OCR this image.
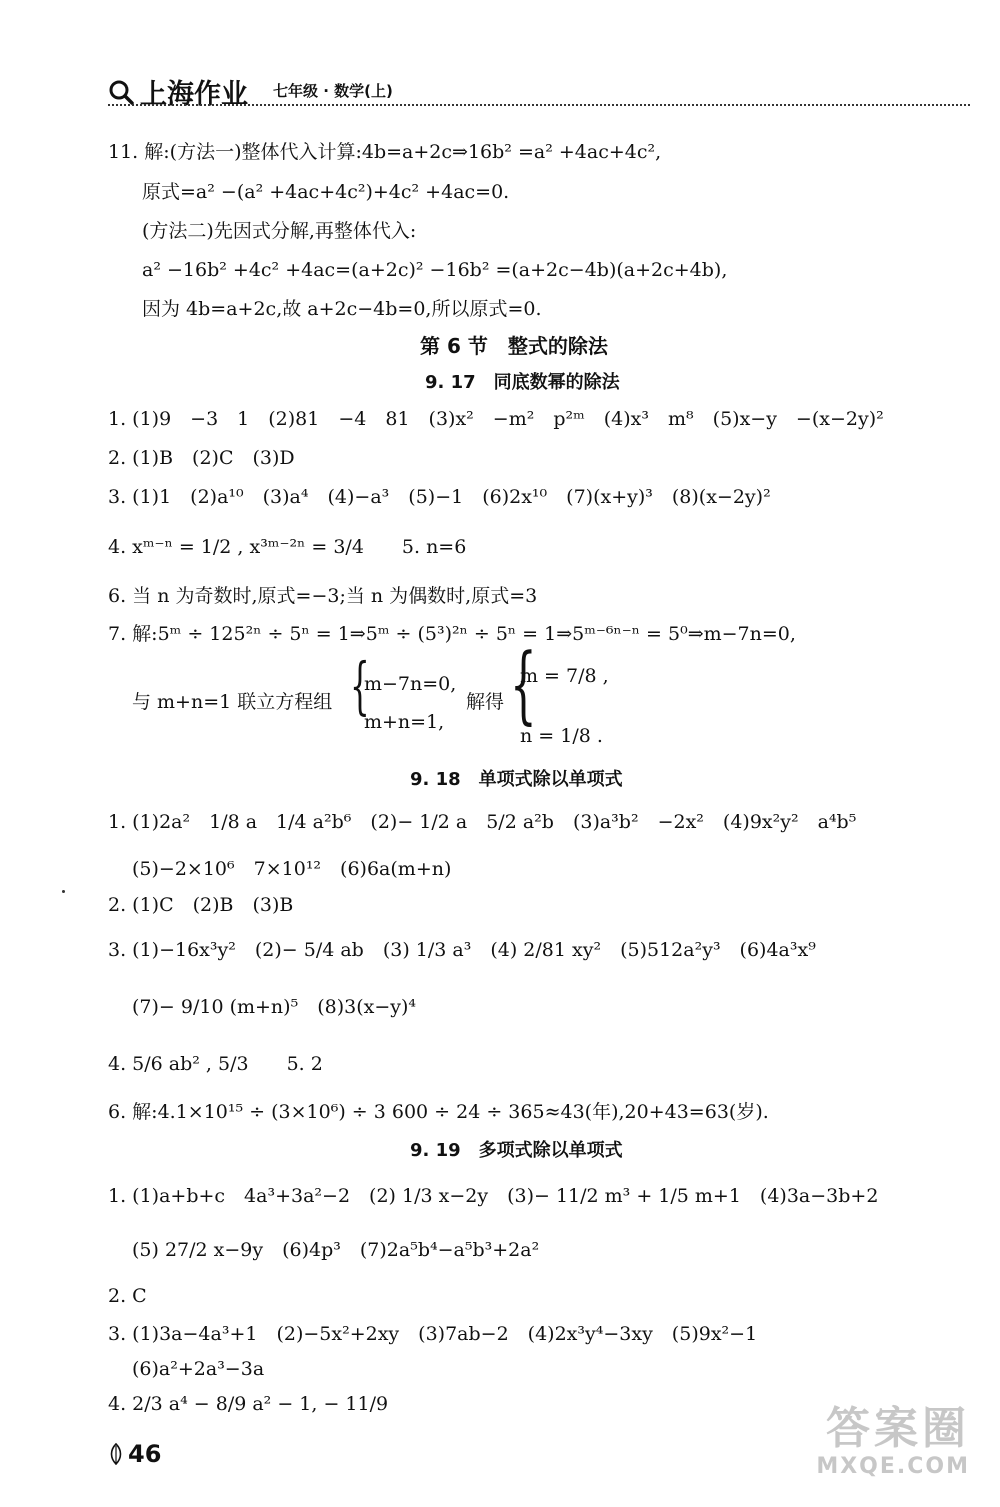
上海作业 七年级 · 数学(上)
11. 解:(方法一)整体代入计算:4b=a+2c⇒16b² =a² +4ac+4c²,
原式=a² −(a² +4ac+4c²)+4c² +4ac=0.
(方法二)先因式分解,再整体代入:
a² −16b² +4c² +4ac=(a+2c)² −16b² =(a+2c−4b)(a+2c+4b),
因为 4b=a+2c,故 a+2c−4b=0,所以原式=0.
第 6 节　整式的除法
9. 17　同底数幂的除法
1. (1)9　−3　1　(2)81　−4　81　(3)x²　−m²　p²ᵐ　(4)x³　m⁸　(5)x−y　−(x−2y)²
2. (1)B　(2)C　(3)D
3. (1)1　(2)a¹⁰　(3)a⁴　(4)−a³　(5)−1　(6)2x¹⁰　(7)(x+y)³　(8)(x−2y)²
4. xᵐ⁻ⁿ = 1/2 , x³ᵐ⁻²ⁿ = 3/4　　5. n=6
6. 当 n 为奇数时,原式=−3;当 n 为偶数时,原式=3
7. 解:5ᵐ ÷ 125²ⁿ ÷ 5ⁿ = 1⇒5ᵐ ÷ (5³)²ⁿ ÷ 5ⁿ = 1⇒5ᵐ⁻⁶ⁿ⁻ⁿ = 5⁰⇒m−7n=0,
与 m+n=1 联立方程组 {
m−7n=0,
m+n=1,
解得 {
m = 7/8 ,
n = 1/8 .
9. 18　单项式除以单项式
1. (1)2a²　1/8 a　1/4 a²b⁶　(2)− 1/2 a　5/2 a²b　(3)a³b²　−2x²　(4)9x²y²　a⁴b⁵
(5)−2×10⁶　7×10¹²　(6)6a(m+n)
2. (1)C　(2)B　(3)B
3. (1)−16x³y²　(2)− 5/4 ab　(3) 1/3 a³　(4) 2/81 xy²　(5)512a²y³　(6)4a³x⁹
(7)− 9/10 (m+n)⁵　(8)3(x−y)⁴
4. 5/6 ab² , 5/3　　5. 2
6. 解:4.1×10¹⁵ ÷ (3×10⁶) ÷ 3 600 ÷ 24 ÷ 365≈43(年),20+43=63(岁).
9. 19　多项式除以单项式
1. (1)a+b+c　4a³+3a²−2　(2) 1/3 x−2y　(3)− 11/2 m³ + 1/5 m+1　(4)3a−3b+2
(5) 27/2 x−9y　(6)4p³　(7)2a⁵b⁴−a⁵b³+2a²
2. C
3. (1)3a−4a³+1　(2)−5x²+2xy　(3)7ab−2　(4)2x³y⁴−3xy　(5)9x²−1
(6)a²+2a³−3a
4. 2/3 a⁴ − 8/9 a² − 1, − 11/9
46	答案圈
MXQE.COM
